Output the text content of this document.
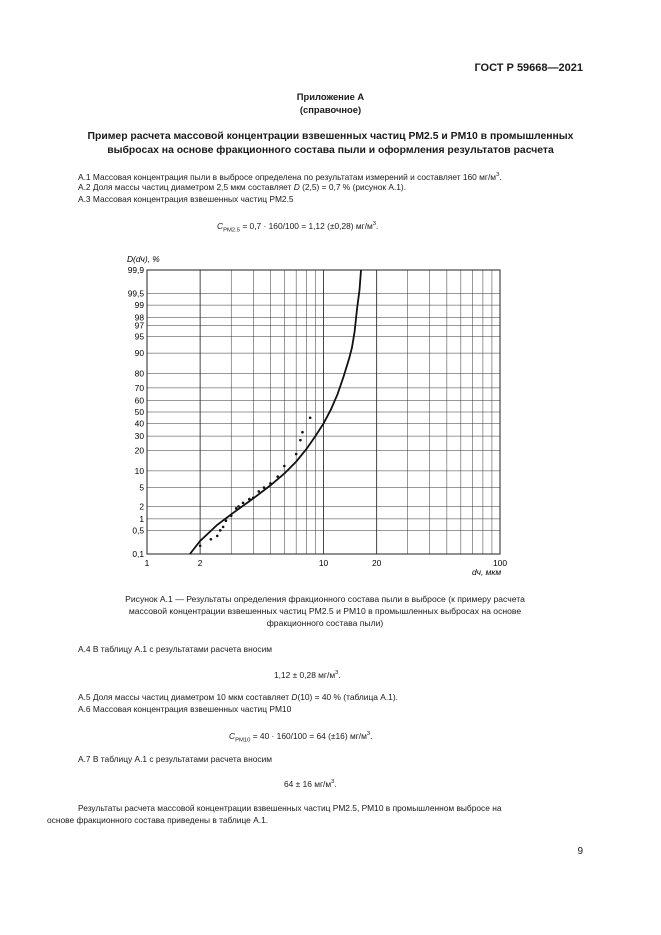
ГОСТ Р 59668—2021
Приложение А
(справочное)
Пример расчета массовой концентрации взвешенных частиц PM2.5 и PM10 в промышленных
выбросах на основе фракционного состава пыли и оформления результатов расчета
А.1 Массовая концентрация пыли в выбросе определена по результатам измерений и составляет 160 $мг/м^3$.
А.2 Доля массы частиц диаметром 2,5 мкм составляет D (2,5) = 0,7 % (рисунок А.1).
А.3 Массовая концентрация взвешенных частиц PM2.5
$C_{PM2.5} = 0,7 \cdot 160/100 = 1,12$ (±0,28) $мг/м^3$.
D(dч), %
0,1
0,5
1
2
5
10
20
30
40
50
60
70
80
90
95
97
98
99
99,5
99,9
1	2	10	20	100
dч, мкм
Рисунок А.1 — Результаты определения фракционного состава пыли в выбросе (к примеру расчета
массовой концентрации взвешенных частиц PM2.5 и PM10 в промышленных выбросах на основе
фракционного состава пыли)
А.4 В таблицу А.1 с результатами расчета вносим
1,12 ± 0,28 $мг/м^3$.
А.5 Доля массы частиц диаметром 10 мкм составляет D(10) = 40 % (таблица А.1).
А.6 Массовая концентрация взвешенных частиц PM10
$C_{PM10} = 40 \cdot 160/100 = 64$ (±16) $мг/м^3$.
А.7 В таблицу А.1 с результатами расчета вносим
64 ± 16 $мг/м^3$.
Результаты расчета массовой концентрации взвешенных частиц PM2.5, PM10 в промышленном выбросе на
основе фракционного состава приведены в таблице А.1.
9
